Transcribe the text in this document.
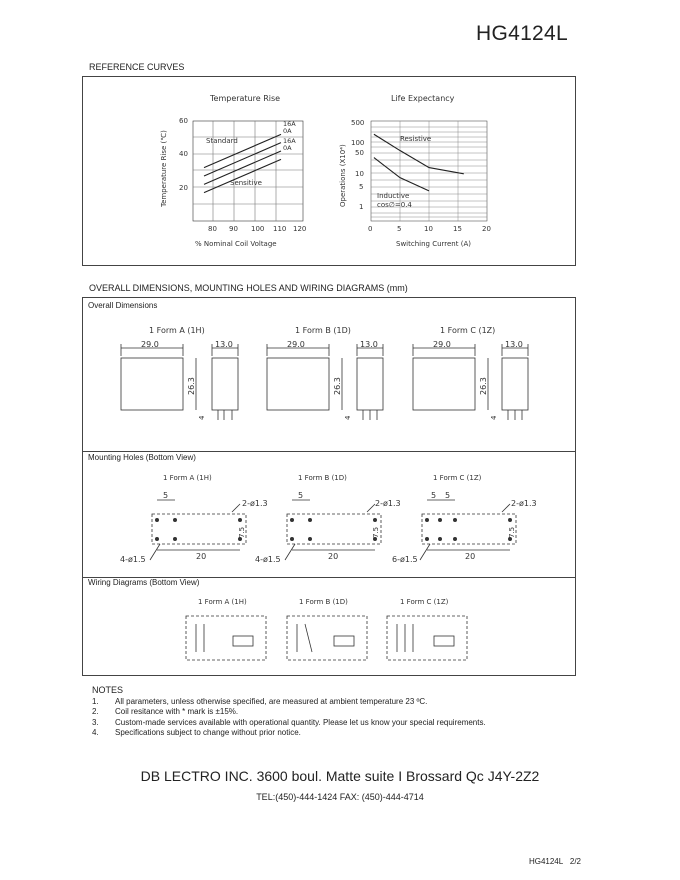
HG4124L
REFERENCE CURVES
Temperature Rise
60
40
20
80 90 100 110 120
% Nominal Coil Voltage
Temperature Rise (℃)	Standard
Sensitive
16A
0A
16A
0A
Life Expectancy
500
100
50
10
5
1
0	5	10	15	20
Switching Current (A)
Operations (X10⁴)
Resistive
Inductive
cos∅=0.4
OVERALL DIMENSIONS, MOUNTING HOLES AND WIRING DIAGRAMS (mm)
Overall Dimensions
Mounting Holes (Bottom View)
Wiring Diagrams (Bottom View)
1 Form A (1H)	1 Form B (1D)	1 Form C (1Z)
1 Form A (1H)	1 Form B (1D)	1 Form C (1Z)
1 Form A (1H)	1 Form B (1D)	1 Form C (1Z)
29.0	13.0
26.3
4
29.0	13.0
26.3
4
29.0	13.0
26.3
4
5
2-ø1.3
4-ø1.5	20
7.5
5
2-ø1.3
4-ø1.5	20
7.5
5 5
2-ø1.3
6-ø1.5	20
7.5
NOTES
1.	All parameters, unless otherwise specified, are measured at ambient temperature 23 ºC.
2.	Coil resitance with * mark is ±15%.
3.	Custom-made services available with operational quantity. Please let us know your special requirements.
4.	Specifications subject to change without prior notice.
DB LECTRO INC. 3600 boul. Matte suite I Brossard Qc J4Y-2Z2
TEL:(450)-444-1424 FAX: (450)-444-4714
HG4124L 2/2
